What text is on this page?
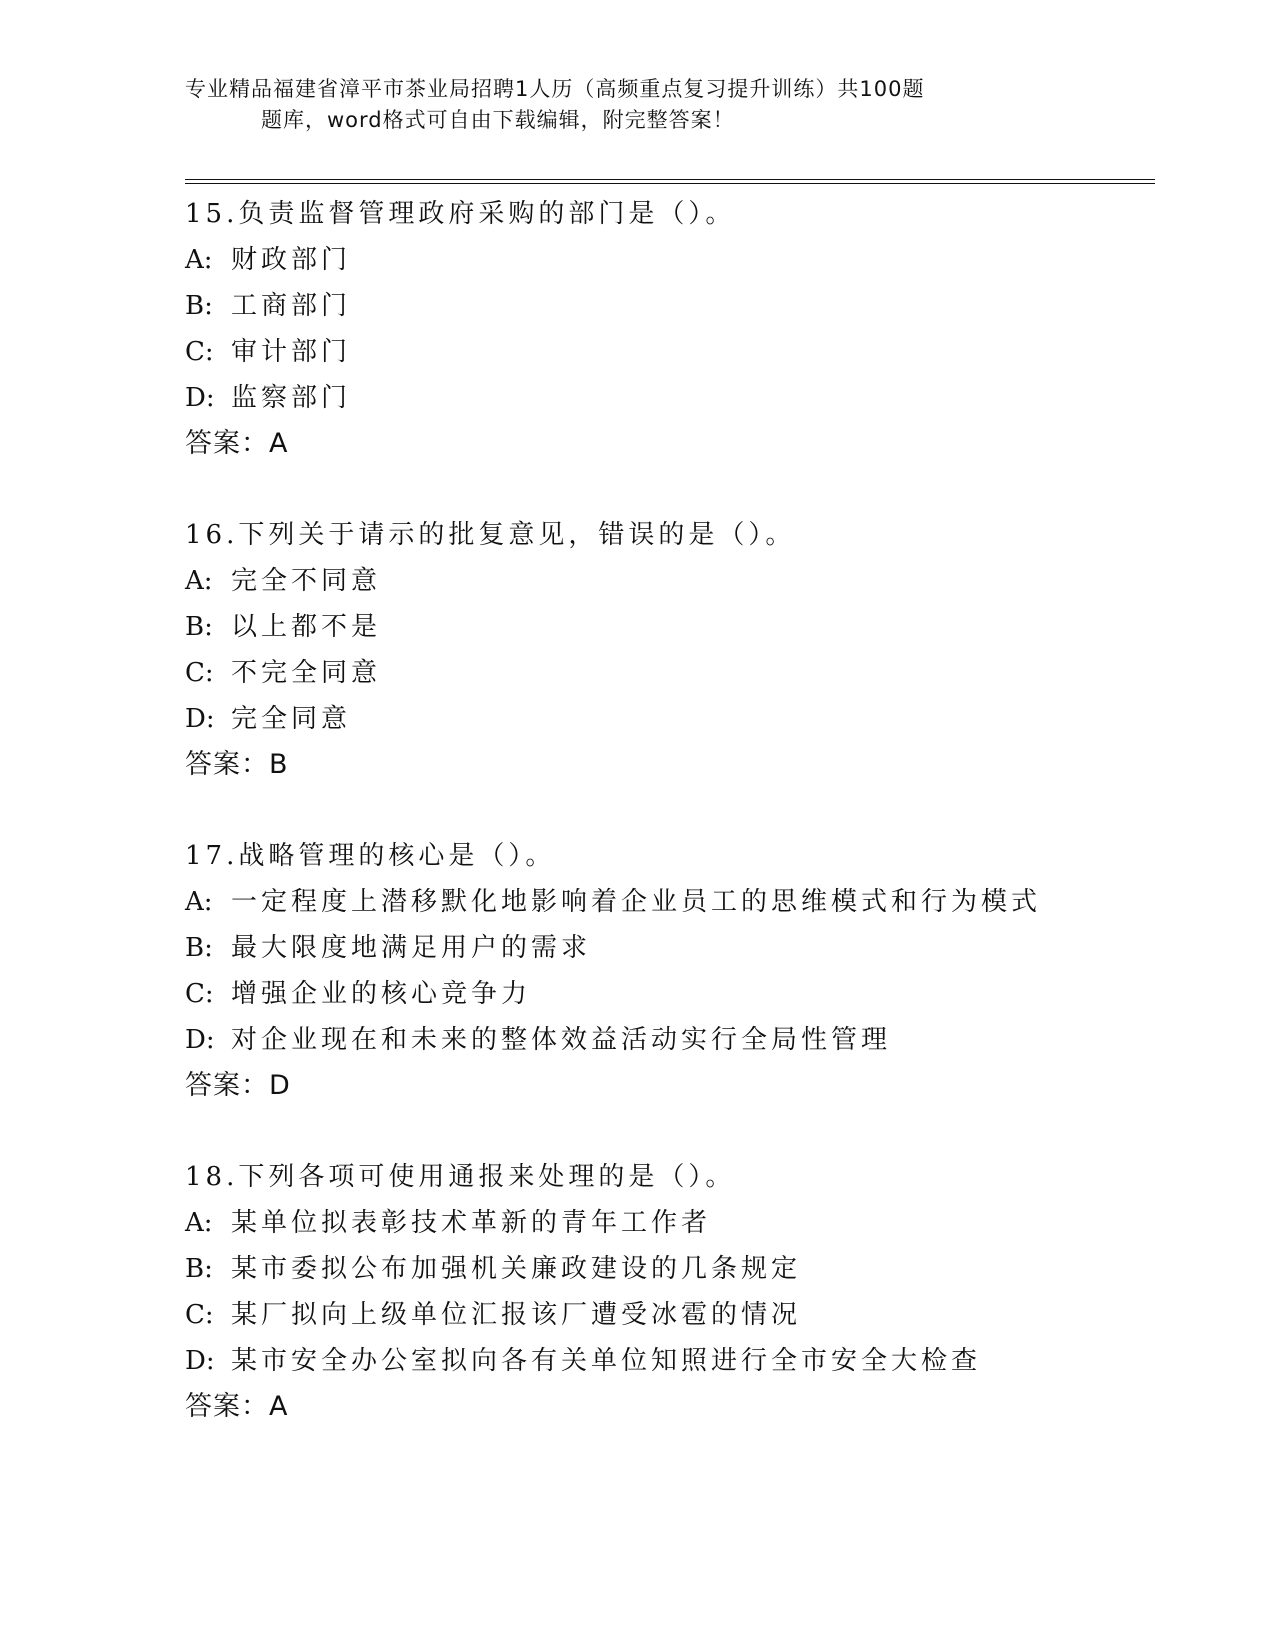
专业精品福建省漳平市茶业局招聘1人历（高频重点复习提升训练）共100题
题库，word格式可自由下载编辑，附完整答案！
15.负责监督管理政府采购的部门是（）。
A: 财政部门
B: 工商部门
C: 审计部门
D: 监察部门
答案：A
16.下列关于请示的批复意见，错误的是（）。
A: 完全不同意
B: 以上都不是
C: 不完全同意
D: 完全同意
答案：B
17.战略管理的核心是（）。
A: 一定程度上潜移默化地影响着企业员工的思维模式和行为模式
B: 最大限度地满足用户的需求
C: 增强企业的核心竞争力
D: 对企业现在和未来的整体效益活动实行全局性管理
答案：D
18.下列各项可使用通报来处理的是（）。
A: 某单位拟表彰技术革新的青年工作者
B: 某市委拟公布加强机关廉政建设的几条规定
C: 某厂拟向上级单位汇报该厂遭受冰雹的情况
D: 某市安全办公室拟向各有关单位知照进行全市安全大检查
答案：A
